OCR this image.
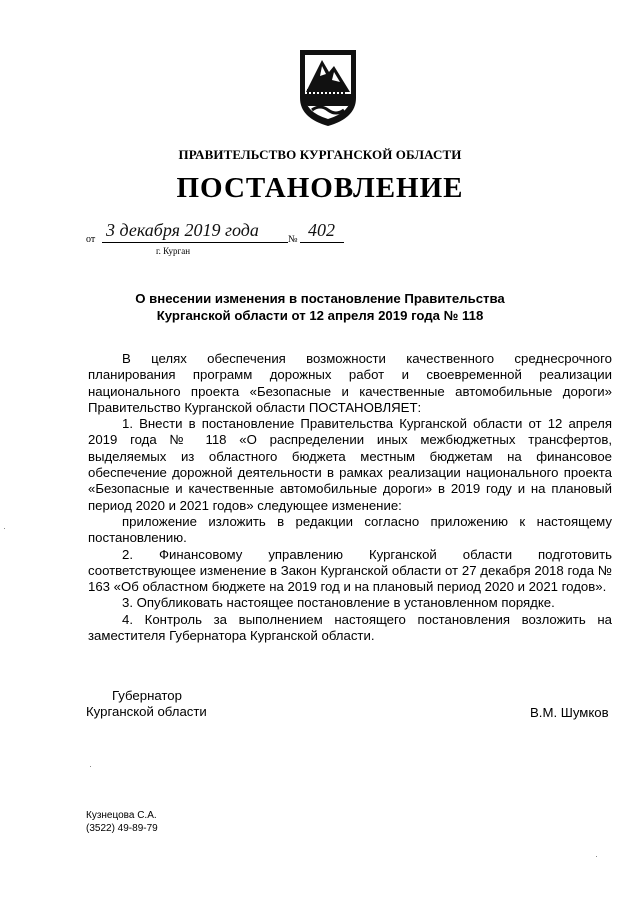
ПРАВИТЕЛЬСТВО КУРГАНСКОЙ ОБЛАСТИ
ПОСТАНОВЛЕНИЕ
от 3 декабря 2019 года	№ 402
г. Курган
О внесении изменения в постановление Правительства
Курганской области от 12 апреля 2019 года № 118

В целях обеспечения возможности качественного среднесрочного планирования программ дорожных работ и своевременной реализации национального проекта «Безопасные и качественные автомобильные дороги» Правительство Курганской области ПОСТАНОВЛЯЕТ:

1. Внести в постановление Правительства Курганской области от 12 апреля 2019 года № 118 «О распределении иных межбюджетных трансфертов, выделяемых из областного бюджета местным бюджетам на финансовое обеспечение дорожной деятельности в рамках реализации национального проекта «Безопасные и качественные автомобильные дороги» в 2019 году и на плановый период 2020 и 2021 годов» следующее изменение:

приложение изложить в редакции согласно приложению к настоящему постановлению.

2. Финансовому управлению Курганской области подготовить соответствующее изменение в Закон Курганской области от 27 декабря 2018 года № 163 «Об областном бюджете на 2019 год и на плановый период 2020 и 2021 годов».

3. Опубликовать настоящее постановление в установленном порядке.

4. Контроль за выполнением настоящего постановления возложить на заместителя Губернатора Курганской области.

Губернатор
Курганской области	В.М. Шумков
Кузнецова С.А.
(3522) 49-89-79
